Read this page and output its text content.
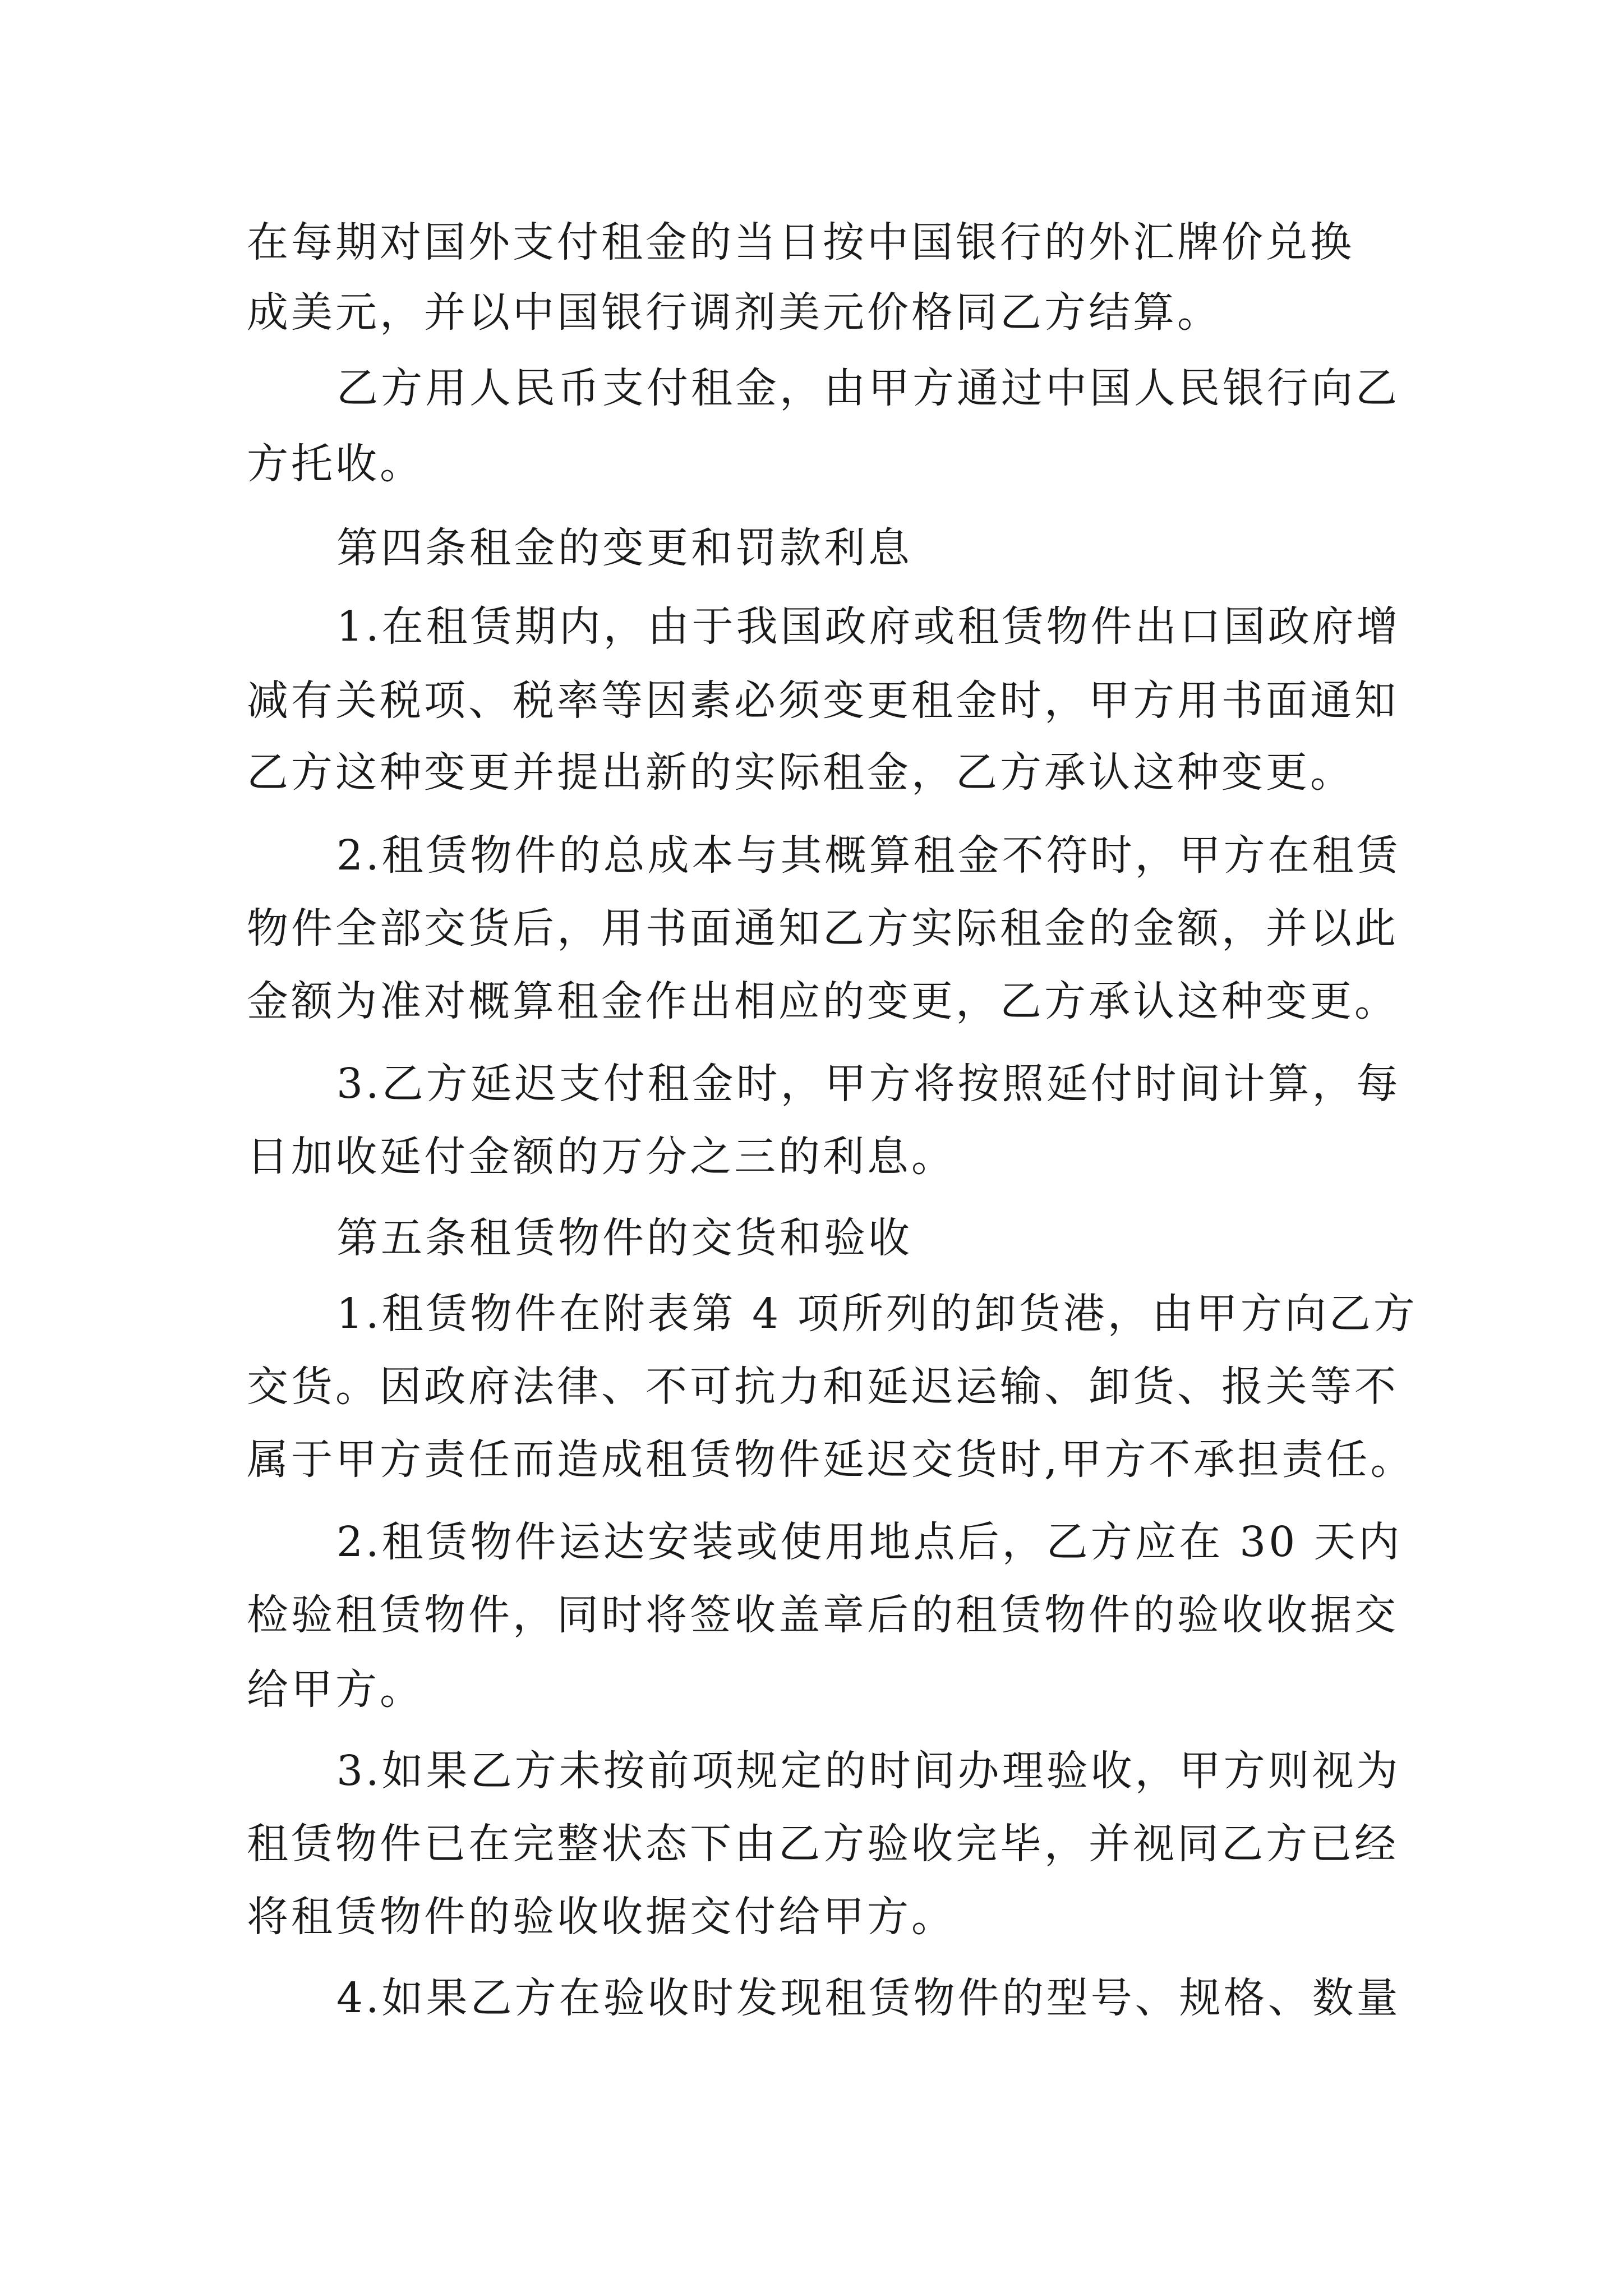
在每期对国外支付租金的当日按中国银行的外汇牌价兑换
成美元，并以中国银行调剂美元价格同乙方结算。
乙方用人民币支付租金，由甲方通过中国人民银行向乙
方托收。
第四条租金的变更和罚款利息
1.在租赁期内，由于我国政府或租赁物件出口国政府增
减有关税项、税率等因素必须变更租金时，甲方用书面通知
乙方这种变更并提出新的实际租金，乙方承认这种变更。
2.租赁物件的总成本与其概算租金不符时，甲方在租赁
物件全部交货后，用书面通知乙方实际租金的金额，并以此
金额为准对概算租金作出相应的变更，乙方承认这种变更。
3.乙方延迟支付租金时，甲方将按照延付时间计算，每
日加收延付金额的万分之三的利息。
第五条租赁物件的交货和验收
1.租赁物件在附表第 4 项所列的卸货港，由甲方向乙方
交货。因政府法律、不可抗力和延迟运输、卸货、报关等不
属于甲方责任而造成租赁物件延迟交货时,甲方不承担责任。
2.租赁物件运达安装或使用地点后，乙方应在 30 天内
检验租赁物件，同时将签收盖章后的租赁物件的验收收据交
给甲方。
3.如果乙方未按前项规定的时间办理验收，甲方则视为
租赁物件已在完整状态下由乙方验收完毕，并视同乙方已经
将租赁物件的验收收据交付给甲方。
4.如果乙方在验收时发现租赁物件的型号、规格、数量
